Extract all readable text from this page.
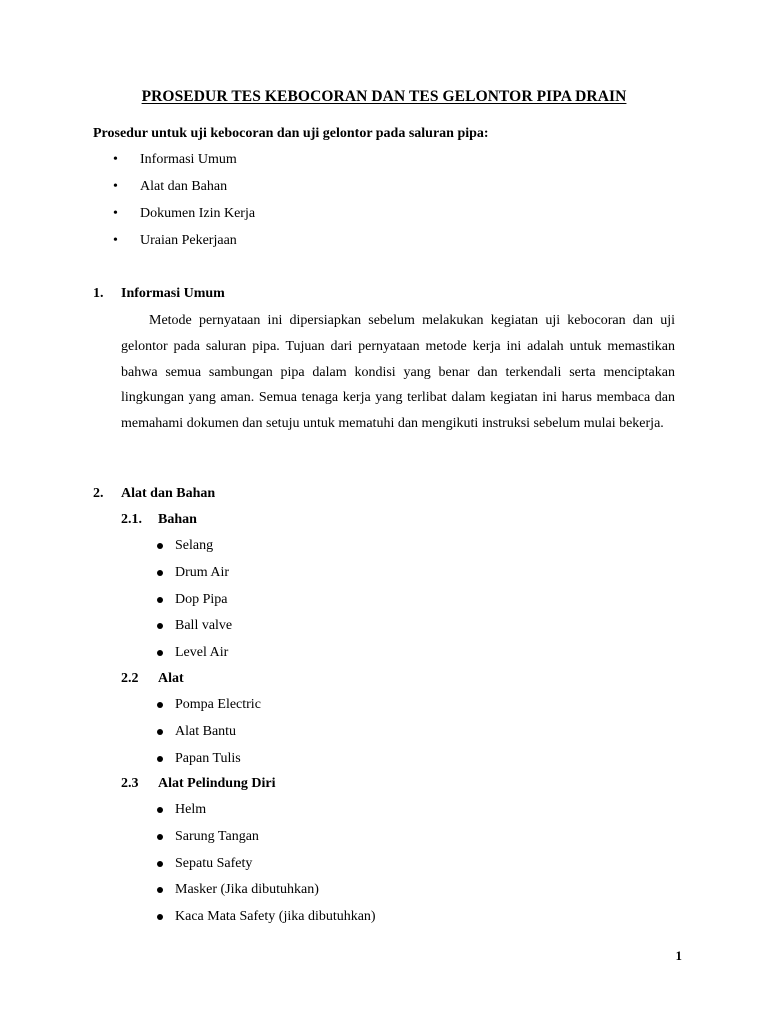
PROSEDUR TES KEBOCORAN DAN TES GELONTOR PIPA DRAIN

Prosedur untuk uji kebocoran dan uji gelontor pada saluran pipa:

• Informasi Umum
• Alat dan Bahan
• Dokumen Izin Kerja
• Uraian Pekerjaan
1. Informasi Umum

Metode pernyataan ini dipersiapkan sebelum melakukan kegiatan uji kebocoran dan uji gelontor pada saluran pipa. Tujuan dari pernyataan metode kerja ini adalah untuk memastikan bahwa semua sambungan pipa dalam kondisi yang benar dan terkendali serta menciptakan lingkungan yang aman. Semua tenaga kerja yang terlibat dalam kegiatan ini harus membaca dan memahami dokumen dan setuju untuk mematuhi dan mengikuti instruksi sebelum mulai bekerja.

2. Alat dan Bahan
2.1. Bahan
Selang
Drum Air
Dop Pipa
Ball valve
Level Air
2.2 Alat
Pompa Electric
Alat Bantu
Papan Tulis
2.3 Alat Pelindung Diri
Helm
Sarung Tangan
Sepatu Safety
Masker (Jika dibutuhkan)
Kaca Mata Safety (jika dibutuhkan)

1
